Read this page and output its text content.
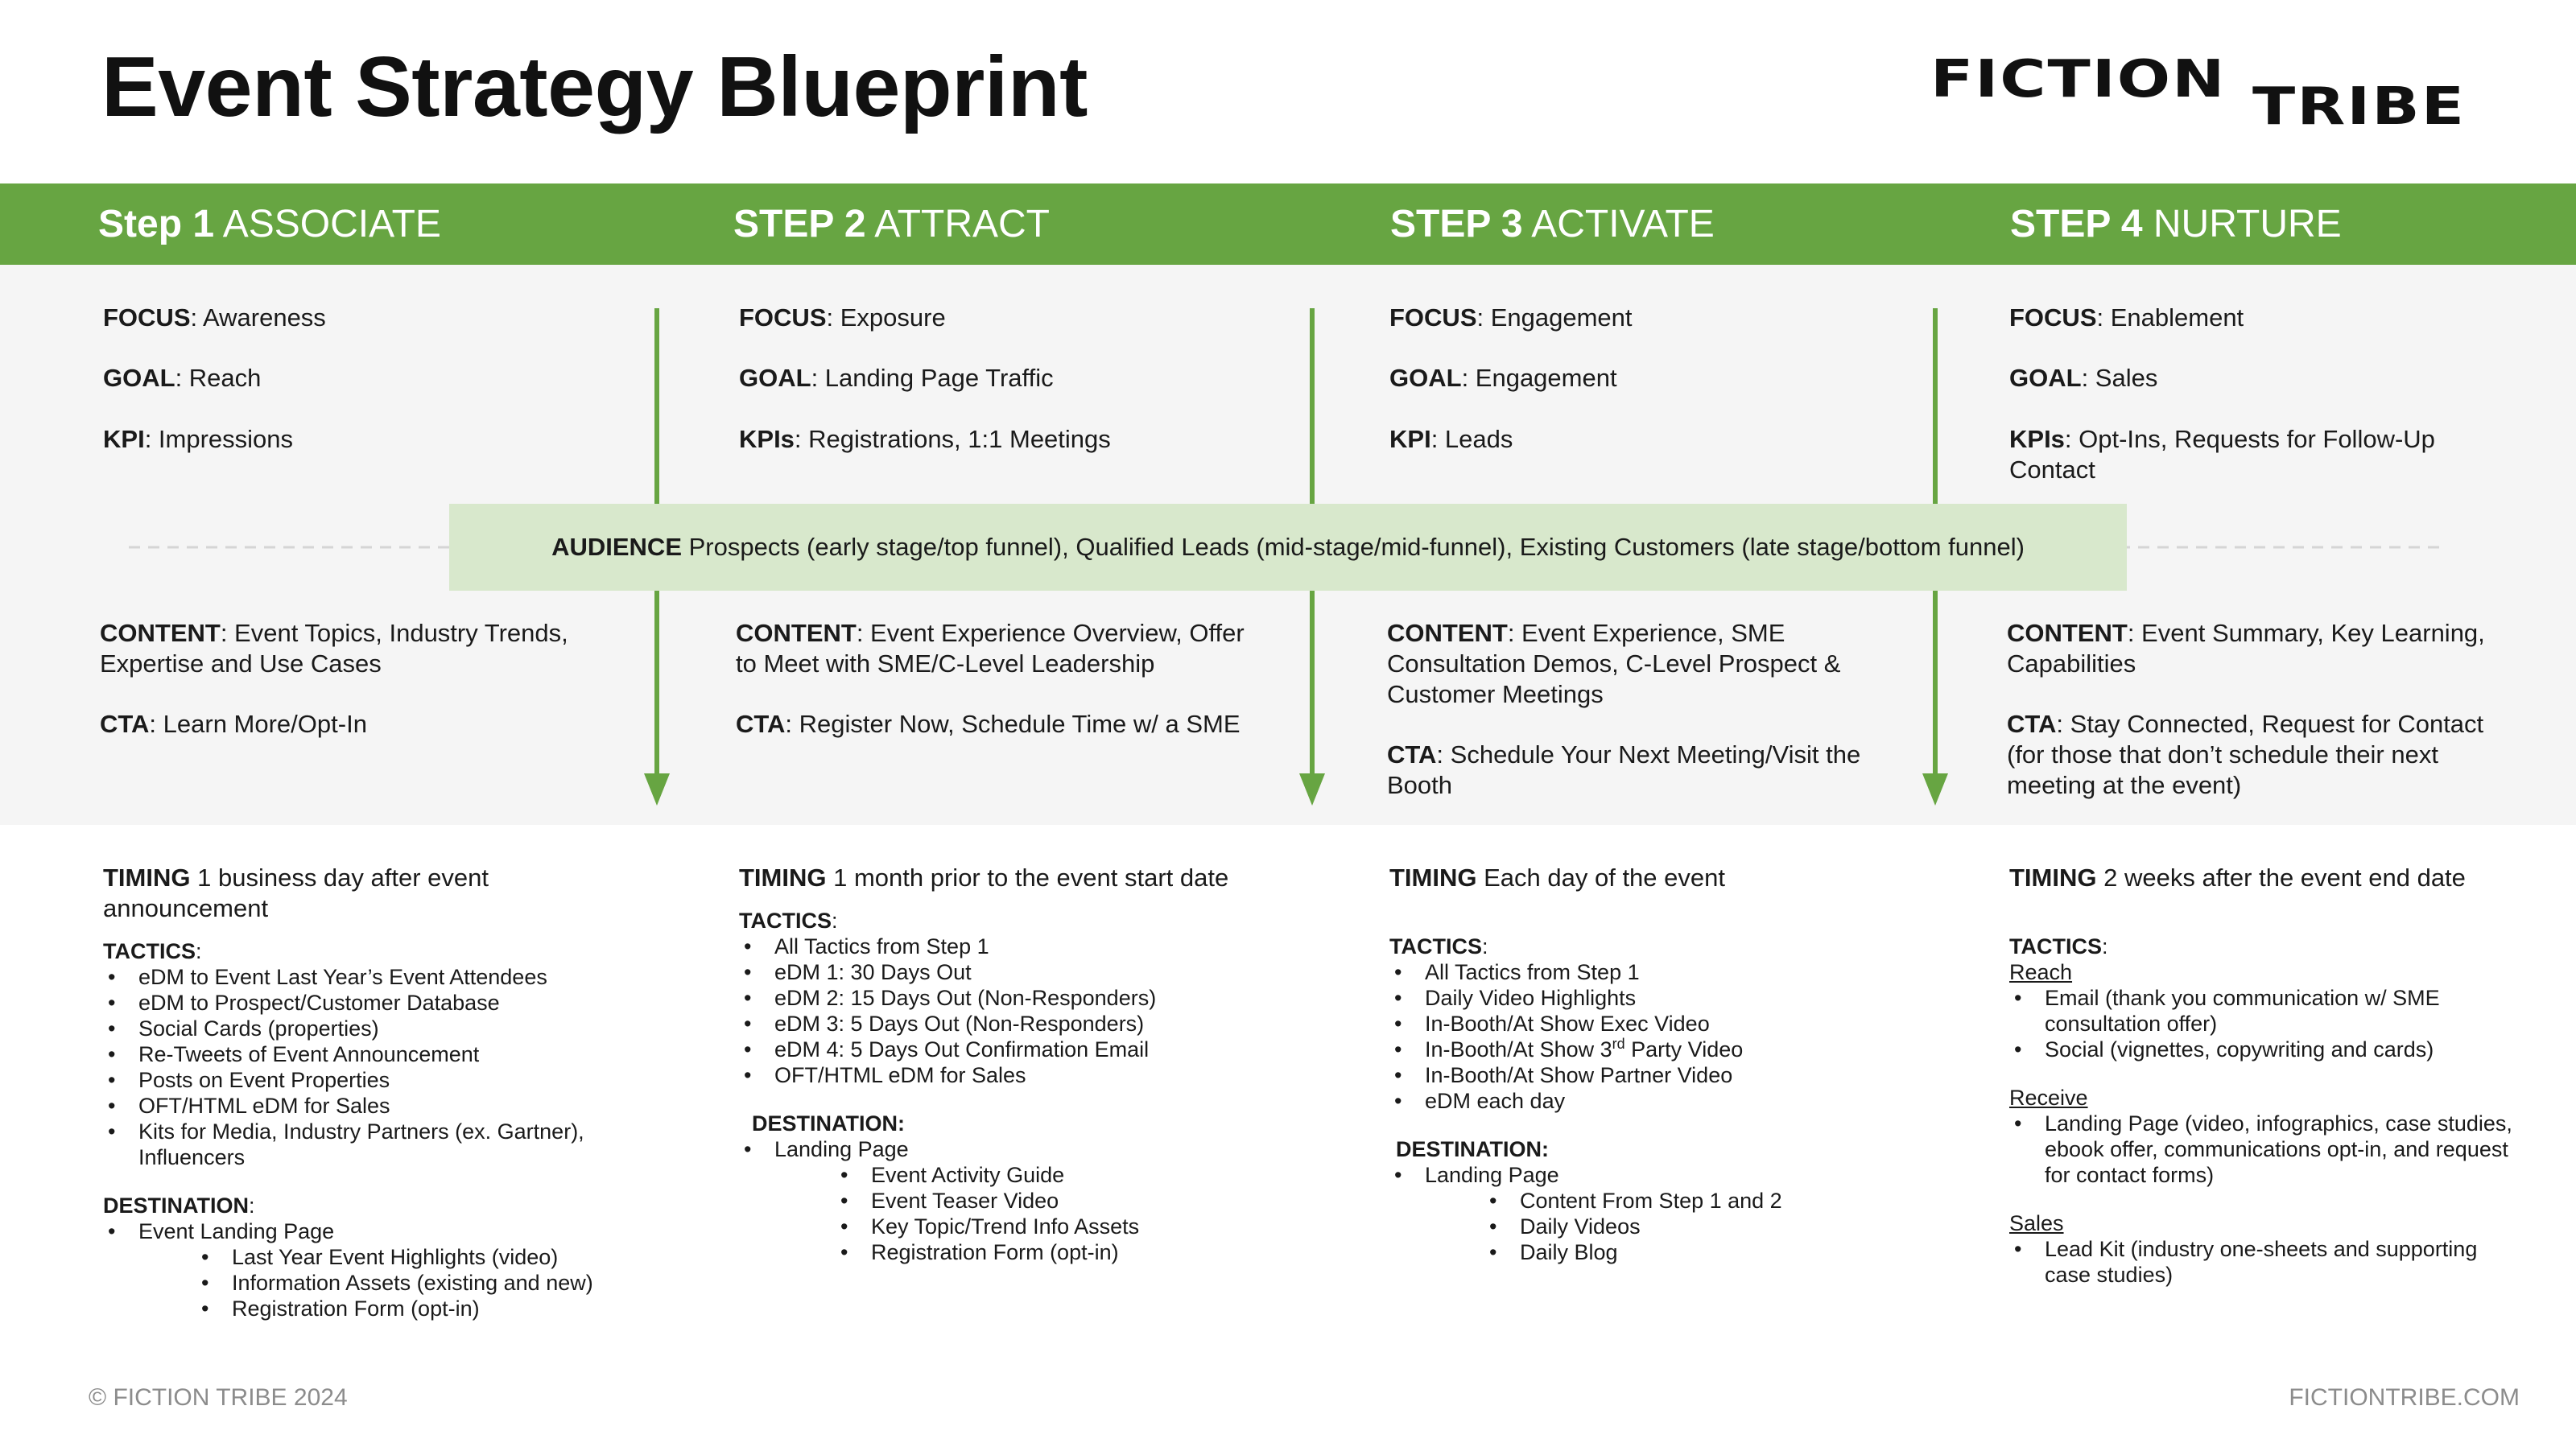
Event Strategy Blueprint	FICTION TRIBE
Step 1 ASSOCIATE	STEP 2 ATTRACT	STEP 3 ACTIVATE	STEP 4 NURTURE
FOCUS: Awareness
GOAL: Reach
KPI: Impressions
CONTENT: Event Topics, Industry Trends, Expertise and Use Cases
CTA: Learn More/Opt-In
FOCUS: Exposure
GOAL: Landing Page Traffic
KPIs: Registrations, 1:1 Meetings
CONTENT: Event Experience Overview, Offer to Meet with SME/C-Level Leadership
CTA: Register Now, Schedule Time w/ a SME
FOCUS: Engagement
GOAL: Engagement
KPI: Leads
CONTENT: Event Experience, SME Consultation Demos, C-Level Prospect & Customer Meetings
CTA: Schedule Your Next Meeting/Visit the Booth
FOCUS: Enablement
GOAL: Sales
KPIs: Opt-Ins, Requests for Follow-Up Contact
CONTENT: Event Summary, Key Learning, Capabilities
CTA: Stay Connected, Request for Contact (for those that don’t schedule their next meeting at the event)
AUDIENCE Prospects (early stage/top funnel), Qualified Leads (mid-stage/mid-funnel), Existing Customers (late stage/bottom funnel)
TIMING 1 business day after event announcement
TACTICS:
• eDM to Event Last Year’s Event Attendees
• eDM to Prospect/Customer Database
• Social Cards (properties)
• Re-Tweets of Event Announcement
• Posts on Event Properties
• OFT/HTML eDM for Sales
• Kits for Media, Industry Partners (ex. Gartner), Influencers
DESTINATION:
• Event Landing Page
• Last Year Event Highlights (video)
• Information Assets (existing and new)
• Registration Form (opt-in)
TIMING 1 month prior to the event start date
TACTICS:
• All Tactics from Step 1
• eDM 1: 30 Days Out
• eDM 2: 15 Days Out (Non-Responders)
• eDM 3: 5 Days Out (Non-Responders)
• eDM 4: 5 Days Out Confirmation Email
• OFT/HTML eDM for Sales
DESTINATION:
• Landing Page
• Event Activity Guide
• Event Teaser Video
• Key Topic/Trend Info Assets
• Registration Form (opt-in)
TIMING Each day of the event
TACTICS:
• All Tactics from Step 1
• Daily Video Highlights
• In-Booth/At Show Exec Video
• In-Booth/At Show 3rd Party Video
• In-Booth/At Show Partner Video
• eDM each day
DESTINATION:
• Landing Page
• Content From Step 1 and 2
• Daily Videos
• Daily Blog
TIMING 2 weeks after the event end date
TACTICS:
Reach
• Email (thank you communication w/ SME consultation offer)
• Social (vignettes, copywriting and cards)
Receive
• Landing Page (video, infographics, case studies, ebook offer, communications opt-in, and request for contact forms)
Sales
• Lead Kit (industry one-sheets and supporting case studies)
© FICTION TRIBE 2024	FICTIONTRIBE.COM
